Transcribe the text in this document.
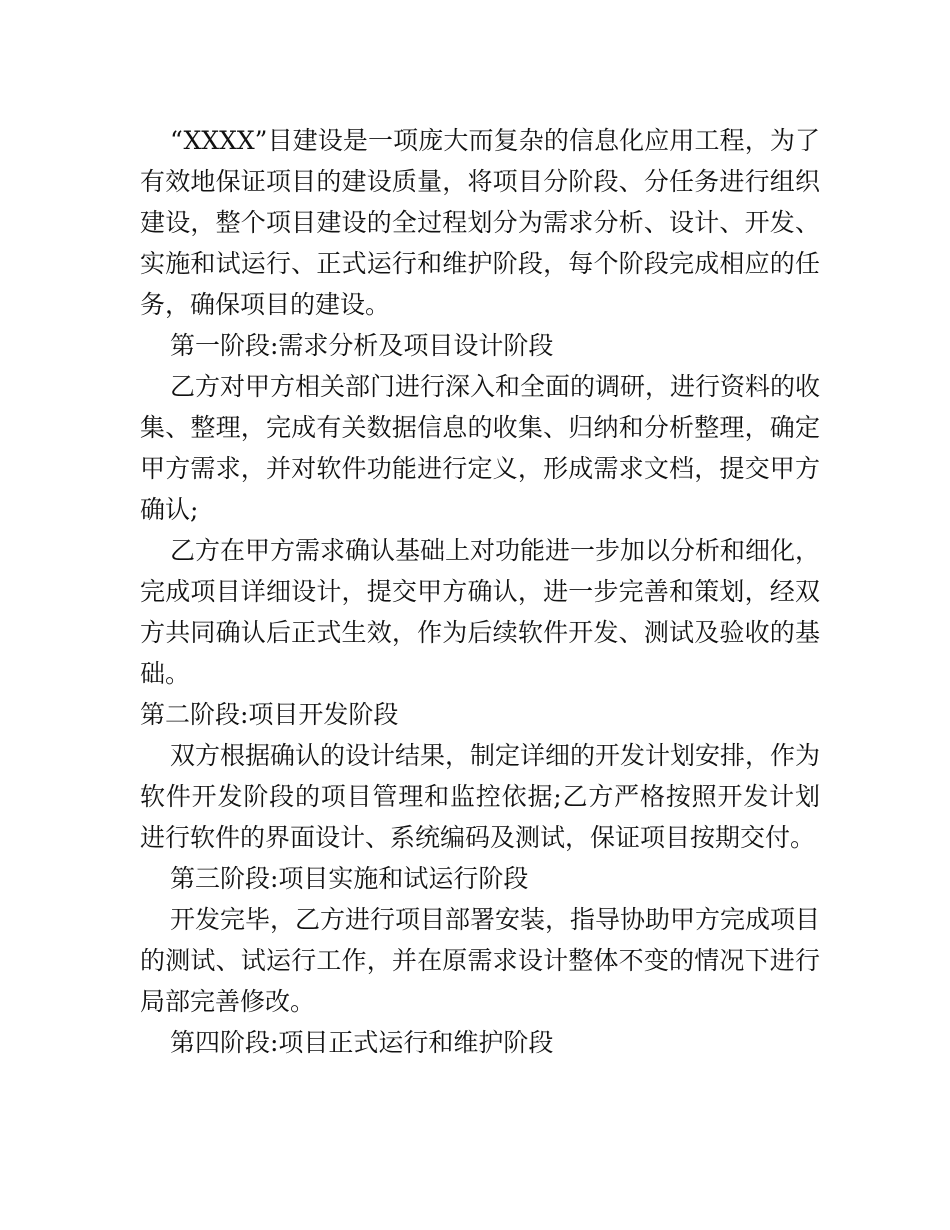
“XXXX”目建设是一项庞大而复杂的信息化应用工程，为了有效地保证项目的建设质量，将项目分阶段、分任务进行组织建设，整个项目建设的全过程划分为需求分析、设计、开发、实施和试运行、正式运行和维护阶段，每个阶段完成相应的任务，确保项目的建设。

第一阶段:需求分析及项目设计阶段

乙方对甲方相关部门进行深入和全面的调研，进行资料的收集、整理，完成有关数据信息的收集、归纳和分析整理，确定甲方需求，并对软件功能进行定义，形成需求文档，提交甲方确认;

乙方在甲方需求确认基础上对功能进一步加以分析和细化，完成项目详细设计，提交甲方确认，进一步完善和策划，经双方共同确认后正式生效，作为后续软件开发、测试及验收的基础。

第二阶段:项目开发阶段

双方根据确认的设计结果，制定详细的开发计划安排，作为软件开发阶段的项目管理和监控依据;乙方严格按照开发计划进行软件的界面设计、系统编码及测试，保证项目按期交付。

第三阶段:项目实施和试运行阶段

开发完毕，乙方进行项目部署安装，指导协助甲方完成项目的测试、试运行工作，并在原需求设计整体不变的情况下进行局部完善修改。

第四阶段:项目正式运行和维护阶段
